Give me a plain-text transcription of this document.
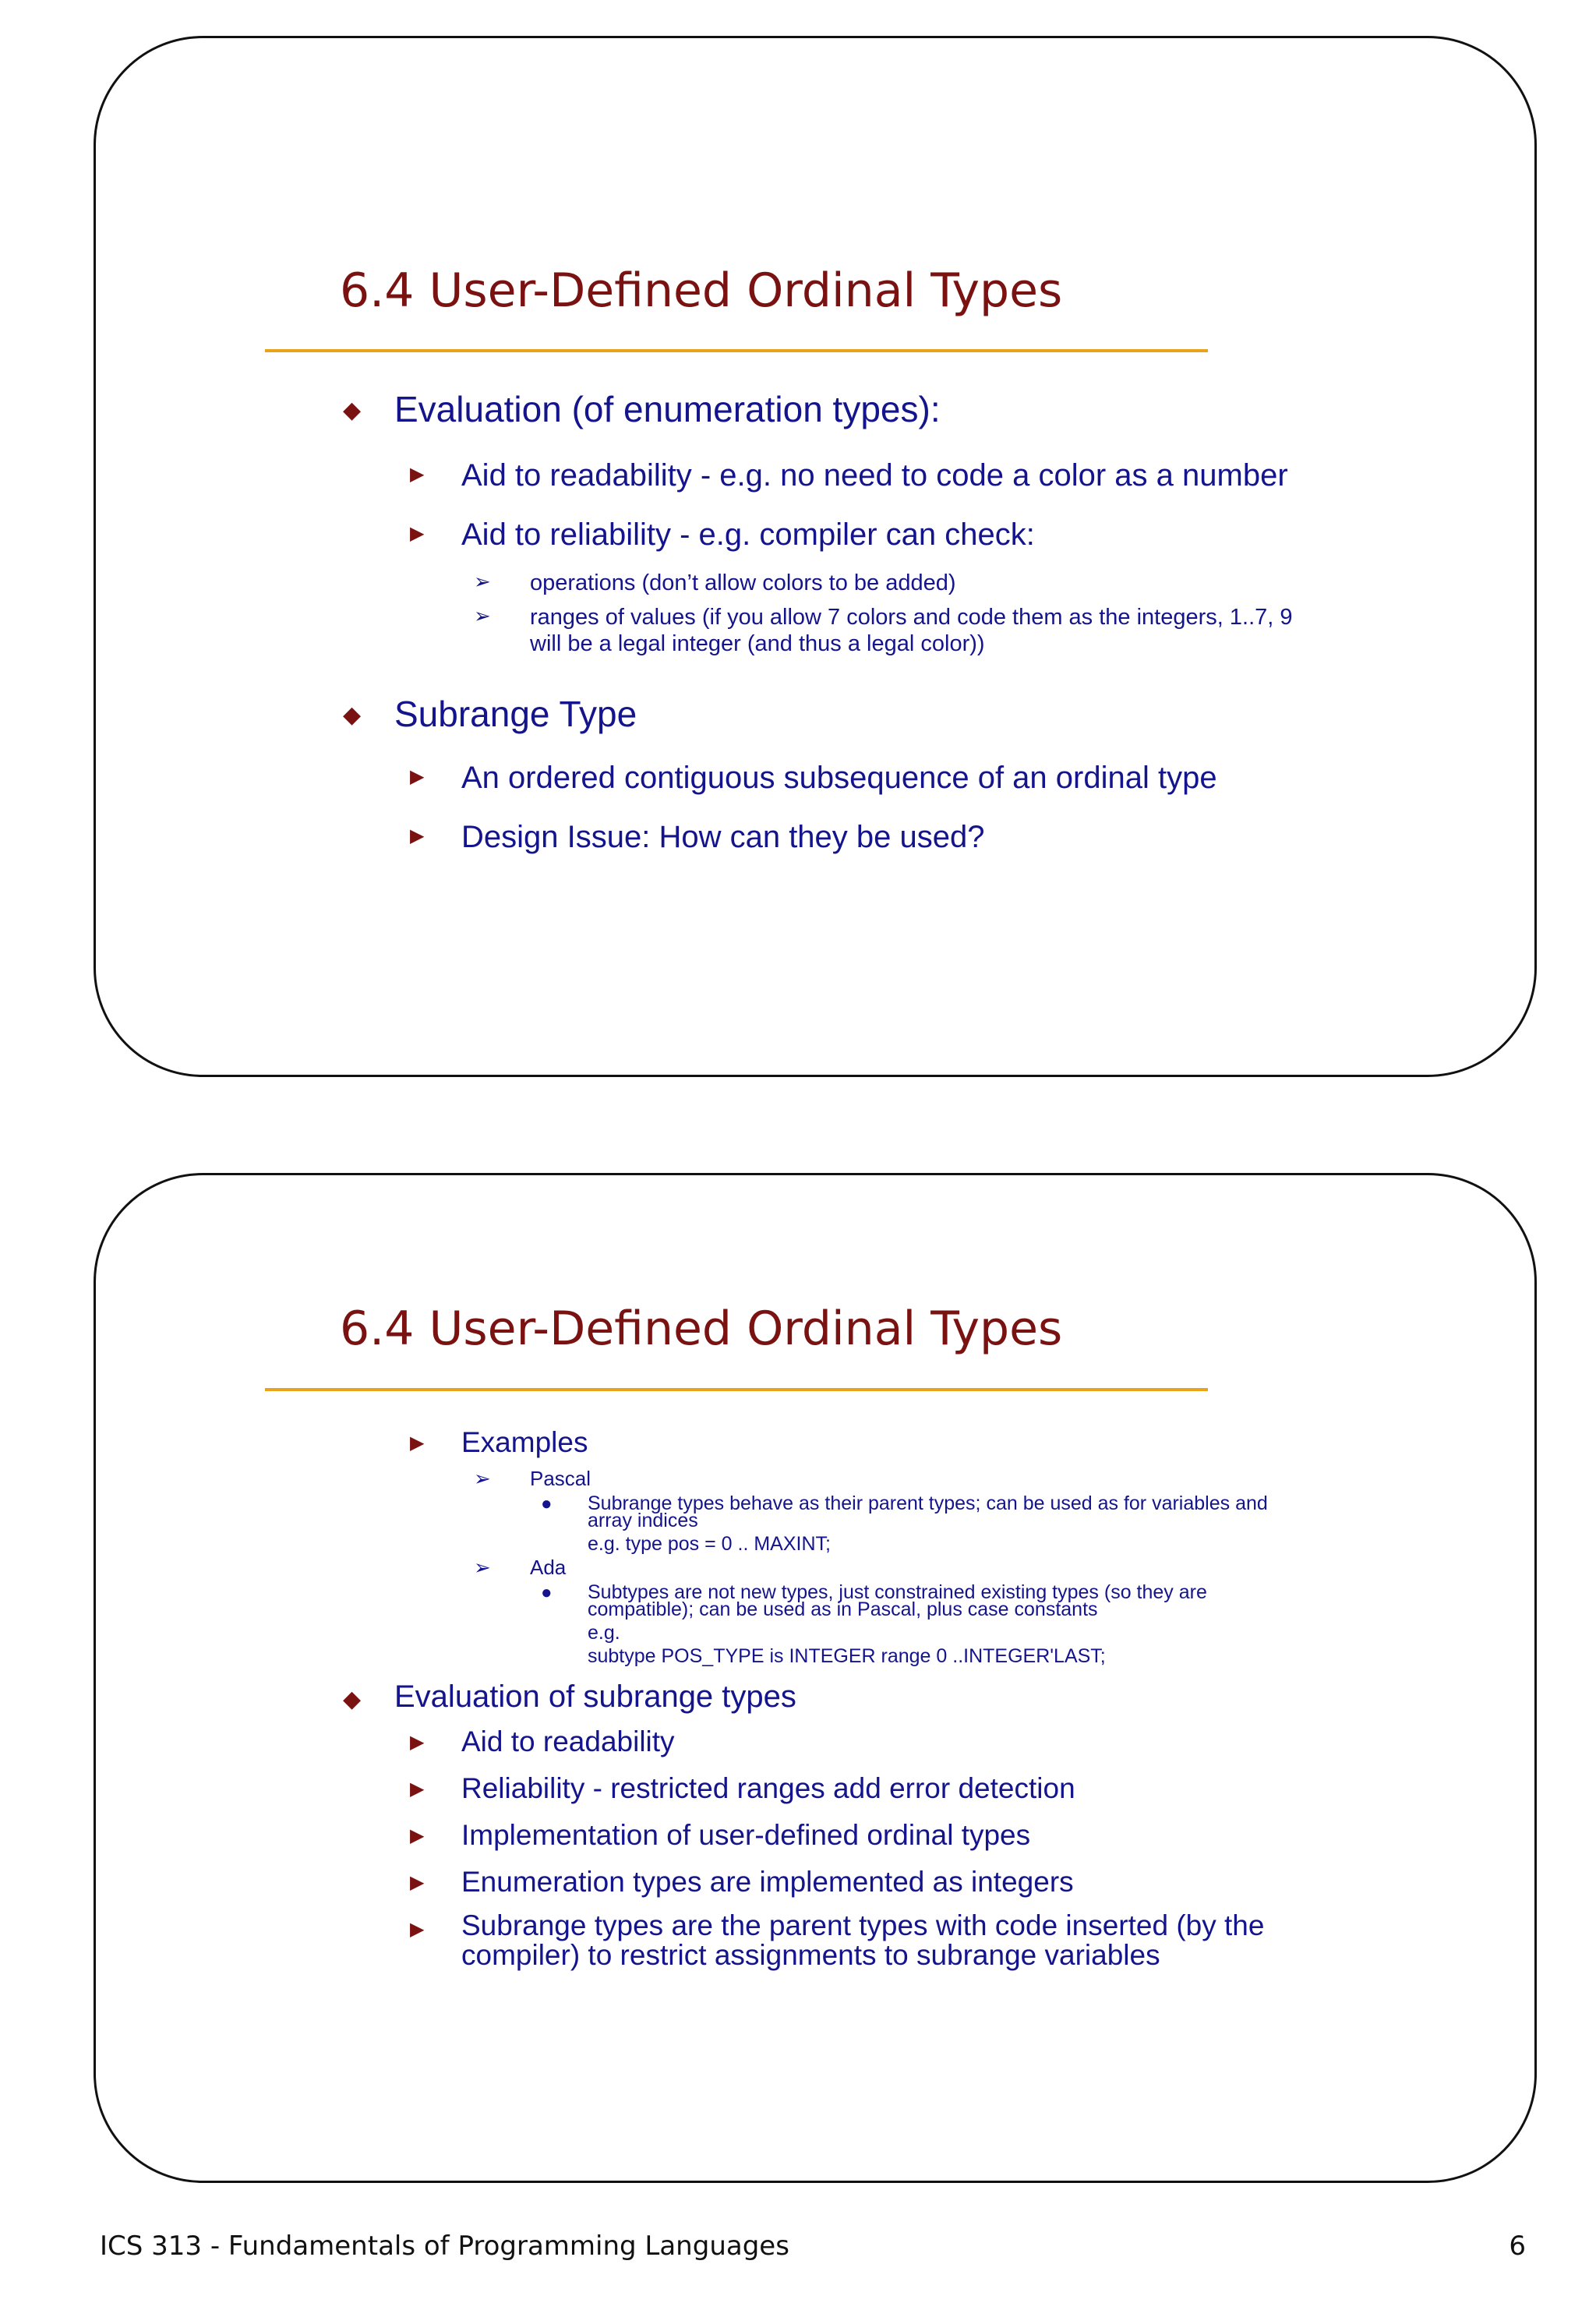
6.4 User-Defined Ordinal Types
◆ Evaluation (of enumeration types):
▶ Aid to readability - e.g. no need to code a color as a number
▶ Aid to reliability - e.g. compiler can check:
➢ operations (don’t allow colors to be added)
➢ ranges of values (if you allow 7 colors and code them as the integers, 1..7, 9 will be a legal integer (and thus a legal color))
◆ Subrange Type
▶ An ordered contiguous subsequence of an ordinal type
▶ Design Issue: How can they be used?
6.4 User-Defined Ordinal Types
▶ Examples
➢ Pascal
● Subrange types behave as their parent types; can be used as for variables and array indices
e.g. type pos = 0 .. MAXINT;
➢ Ada
● Subtypes are not new types, just constrained existing types (so they are compatible); can be used as in Pascal, plus case constants
e.g.
subtype POS_TYPE is INTEGER range 0 ..INTEGER'LAST;
◆ Evaluation of subrange types
▶ Aid to readability
▶ Reliability - restricted ranges add error detection
▶ Implementation of user-defined ordinal types
▶ Enumeration types are implemented as integers
▶ Subrange types are the parent types with code inserted (by the compiler) to restrict assignments to subrange variables
ICS 313 - Fundamentals of Programming Languages	6
